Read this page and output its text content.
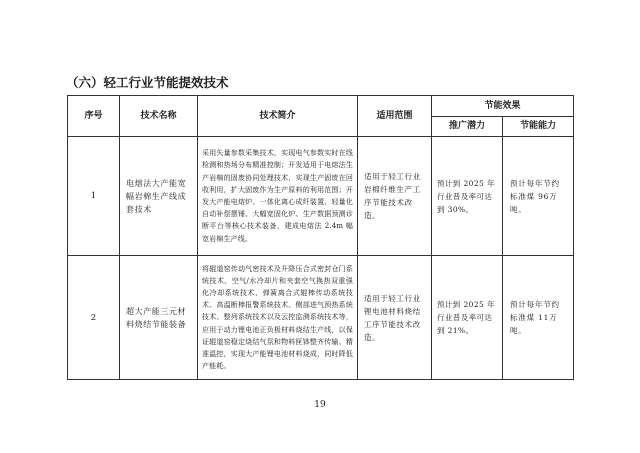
（六）轻工行业节能提效技术
序号	技术名称	技术简介	适用范围	节能效果	
				推广潜力	节能能力
1	电熔法大产能宽幅岩棉生产线成套技术	采用矢量参数采集技术，实现电气参数实时在线检测和热场分布精准控制；开发适用于电熔法生产岩棉的固废协同处理技术，实现生产固废在回收利用，扩大固废作为生产原料的利用范围；开发大产能电熔炉、一体化离心成纤装置、轻量化自动补偿摆锤、大幅宽固化炉、生产数据预测诊断平台等核心技术装备，建成电熔法 2.4m 幅宽岩棉生产线。	适用于轻工行业岩棉纤维生产工序节能技术改造。	预计到 2025 年行业普及率可达到 30%。	预计每年节约标准煤 96万吨。
2	超大产能三元材料烧结节能装备	将辊道窑传动气密技术及升降压合式密封仓门系统技术、空气/水冷却片和夹套空气换热双重强化冷却系统技术、弹簧离合式辊棒传动系统技术、高温断棒报警系统技术、侧部进气预热系统技术、整列系统技术以及云控监测系统技术等，应用于动力锂电池正负极材料烧结生产线，以保证辊道窑稳定烧结气氛和物料匣钵整齐传输、精准温控，实现大产能锂电池材料烧成，同时降低产能耗。	适用于轻工行业锂电池材料烧结工序节能技术改造。	预计到 2025 年行业普及率可达到 21%。	预计每年节约标准煤 11万吨。
19
